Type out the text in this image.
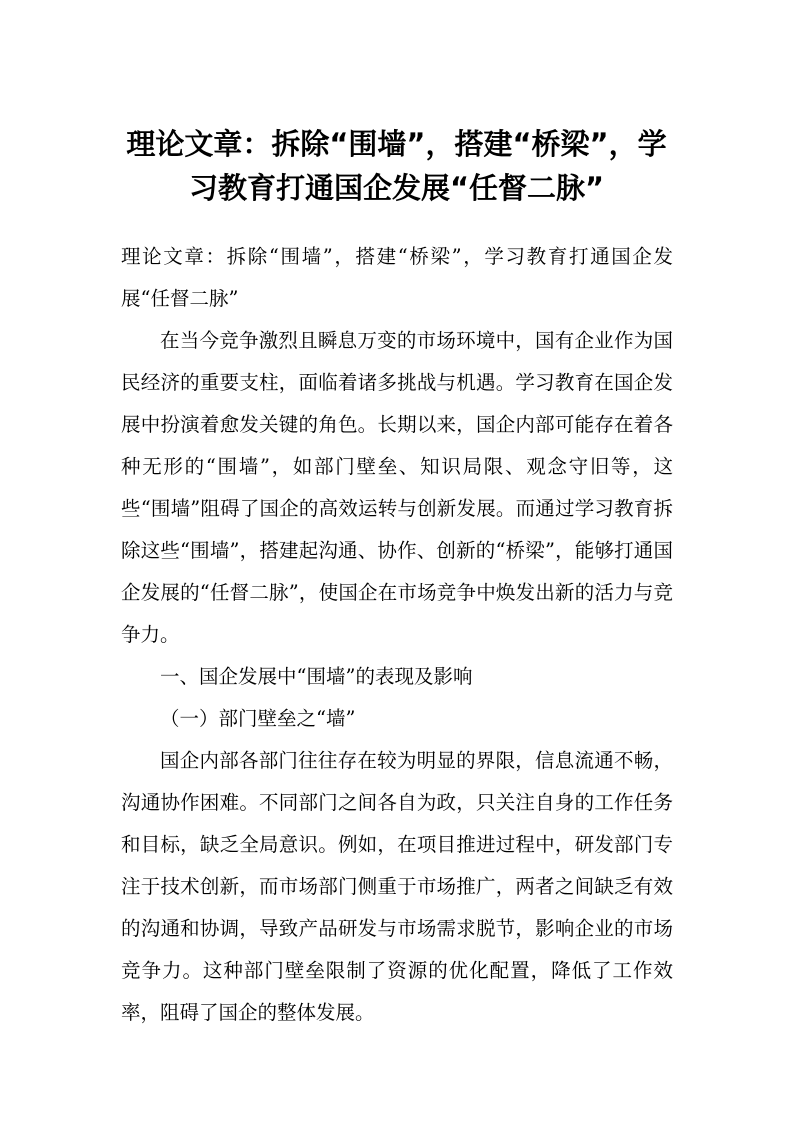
理论文章：拆除“围墙”，搭建“桥梁”，学
习教育打通国企发展“任督二脉”

理论文章：拆除“围墙”，搭建“桥梁”，学习教育打通国企发展“任督二脉”

在当今竞争激烈且瞬息万变的市场环境中，国有企业作为国民经济的重要支柱，面临着诸多挑战与机遇。学习教育在国企发展中扮演着愈发关键的角色。长期以来，国企内部可能存在着各种无形的“围墙”，如部门壁垒、知识局限、观念守旧等，这些“围墙”阻碍了国企的高效运转与创新发展。而通过学习教育拆除这些“围墙”，搭建起沟通、协作、创新的“桥梁”，能够打通国企发展的“任督二脉”，使国企在市场竞争中焕发出新的活力与竞争力。

一、国企发展中“围墙”的表现及影响

（一）部门壁垒之“墙”

国企内部各部门往往存在较为明显的界限，信息流通不畅，沟通协作困难。不同部门之间各自为政，只关注自身的工作任务和目标，缺乏全局意识。例如，在项目推进过程中，研发部门专注于技术创新，而市场部门侧重于市场推广，两者之间缺乏有效的沟通和协调，导致产品研发与市场需求脱节，影响企业的市场竞争力。这种部门壁垒限制了资源的优化配置，降低了工作效率，阻碍了国企的整体发展。
